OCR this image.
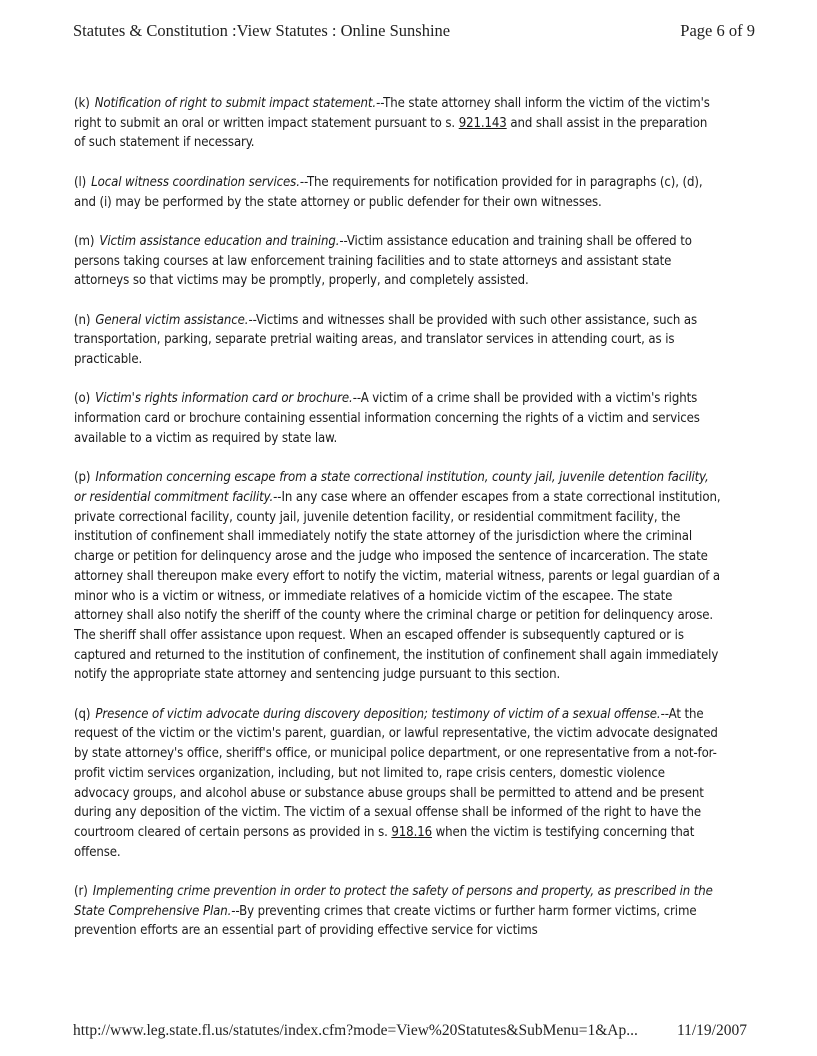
Statutes & Constitution :View Statutes : Online Sunshine	Page 6 of 9

(k) Notification of right to submit impact statement.--The state attorney shall inform the victim of the victim's right to submit an oral or written impact statement pursuant to s. 921.143 and shall assist in the preparation of such statement if necessary.

(l) Local witness coordination services.--The requirements for notification provided for in paragraphs (c), (d), and (i) may be performed by the state attorney or public defender for their own witnesses.

(m) Victim assistance education and training.--Victim assistance education and training shall be offered to persons taking courses at law enforcement training facilities and to state attorneys and assistant state attorneys so that victims may be promptly, properly, and completely assisted.

(n) General victim assistance.--Victims and witnesses shall be provided with such other assistance, such as transportation, parking, separate pretrial waiting areas, and translator services in attending court, as is practicable.

(o) Victim's rights information card or brochure.--A victim of a crime shall be provided with a victim's rights information card or brochure containing essential information concerning the rights of a victim and services available to a victim as required by state law.

(p) Information concerning escape from a state correctional institution, county jail, juvenile detention facility, or residential commitment facility.--In any case where an offender escapes from a state correctional institution, private correctional facility, county jail, juvenile detention facility, or residential commitment facility, the institution of confinement shall immediately notify the state attorney of the jurisdiction where the criminal charge or petition for delinquency arose and the judge who imposed the sentence of incarceration. The state attorney shall thereupon make every effort to notify the victim, material witness, parents or legal guardian of a minor who is a victim or witness, or immediate relatives of a homicide victim of the escapee. The state attorney shall also notify the sheriff of the county where the criminal charge or petition for delinquency arose. The sheriff shall offer assistance upon request. When an escaped offender is subsequently captured or is captured and returned to the institution of confinement, the institution of confinement shall again immediately notify the appropriate state attorney and sentencing judge pursuant to this section.

(q) Presence of victim advocate during discovery deposition; testimony of victim of a sexual offense.--At the request of the victim or the victim's parent, guardian, or lawful representative, the victim advocate designated by state attorney's office, sheriff's office, or municipal police department, or one representative from a not-for-profit victim services organization, including, but not limited to, rape crisis centers, domestic violence advocacy groups, and alcohol abuse or substance abuse groups shall be permitted to attend and be present during any deposition of the victim. The victim of a sexual offense shall be informed of the right to have the courtroom cleared of certain persons as provided in s. 918.16 when the victim is testifying concerning that offense.

(r) Implementing crime prevention in order to protect the safety of persons and property, as prescribed in the State Comprehensive Plan.--By preventing crimes that create victims or further harm former victims, crime prevention efforts are an essential part of providing effective service for victims

http://www.leg.state.fl.us/statutes/index.cfm?mode=View%20Statutes&SubMenu=1&Ap...	11/19/2007
